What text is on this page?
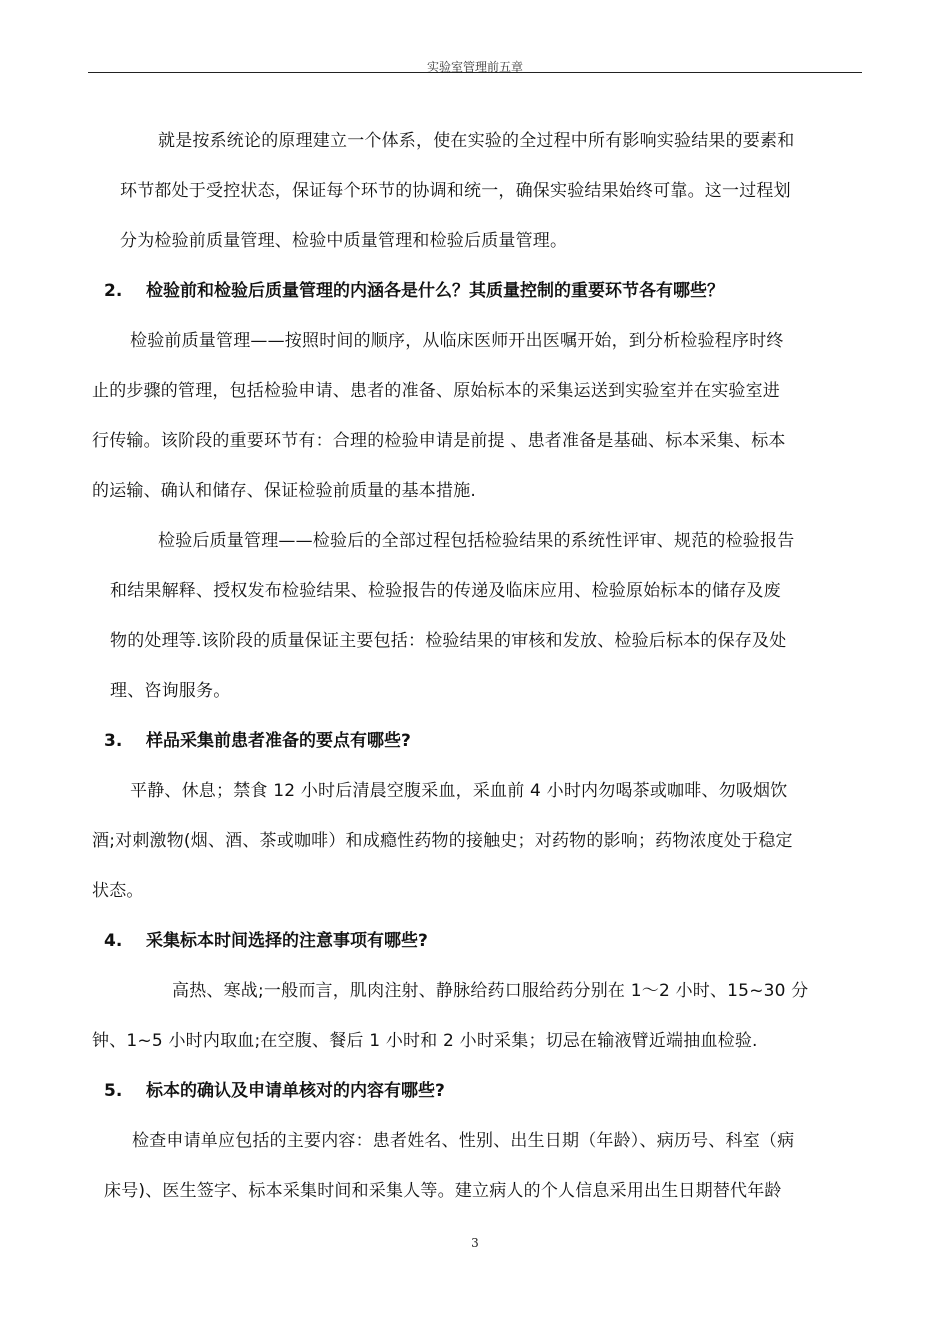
实验室管理前五章
就是按系统论的原理建立一个体系，使在实验的全过程中所有影响实验结果的要素和
环节都处于受控状态，保证每个环节的协调和统一，确保实验结果始终可靠。这一过程划
分为检验前质量管理、检验中质量管理和检验后质量管理。
2. 检验前和检验后质量管理的内涵各是什么？其质量控制的重要环节各有哪些？
检验前质量管理——按照时间的顺序，从临床医师开出医嘱开始，到分析检验程序时终
止的步骤的管理，包括检验申请、患者的准备、原始标本的采集运送到实验室并在实验室进
行传输。该阶段的重要环节有：合理的检验申请是前提 、患者准备是基础、标本采集、标本
的运输、确认和储存、保证检验前质量的基本措施.
检验后质量管理——检验后的全部过程包括检验结果的系统性评审、规范的检验报告
和结果解释、授权发布检验结果、检验报告的传递及临床应用、检验原始标本的储存及废
物的处理等.该阶段的质量保证主要包括：检验结果的审核和发放、检验后标本的保存及处
理、咨询服务。
3. 样品采集前患者准备的要点有哪些?
平静、休息；禁食 12 小时后清晨空腹采血，采血前 4 小时内勿喝茶或咖啡、勿吸烟饮
酒;对刺激物(烟、酒、茶或咖啡）和成瘾性药物的接触史；对药物的影响；药物浓度处于稳定
状态。
4. 采集标本时间选择的注意事项有哪些?
高热、寒战;一般而言，肌肉注射、静脉给药口服给药分别在 1～2 小时、15~30 分
钟、1~5 小时内取血;在空腹、餐后 1 小时和 2 小时采集；切忌在输液臂近端抽血检验.
5. 标本的确认及申请单核对的内容有哪些?
检查申请单应包括的主要内容：患者姓名、性别、出生日期（年龄）、病历号、科室（病
床号)、医生签字、标本采集时间和采集人等。建立病人的个人信息采用出生日期替代年龄
3
